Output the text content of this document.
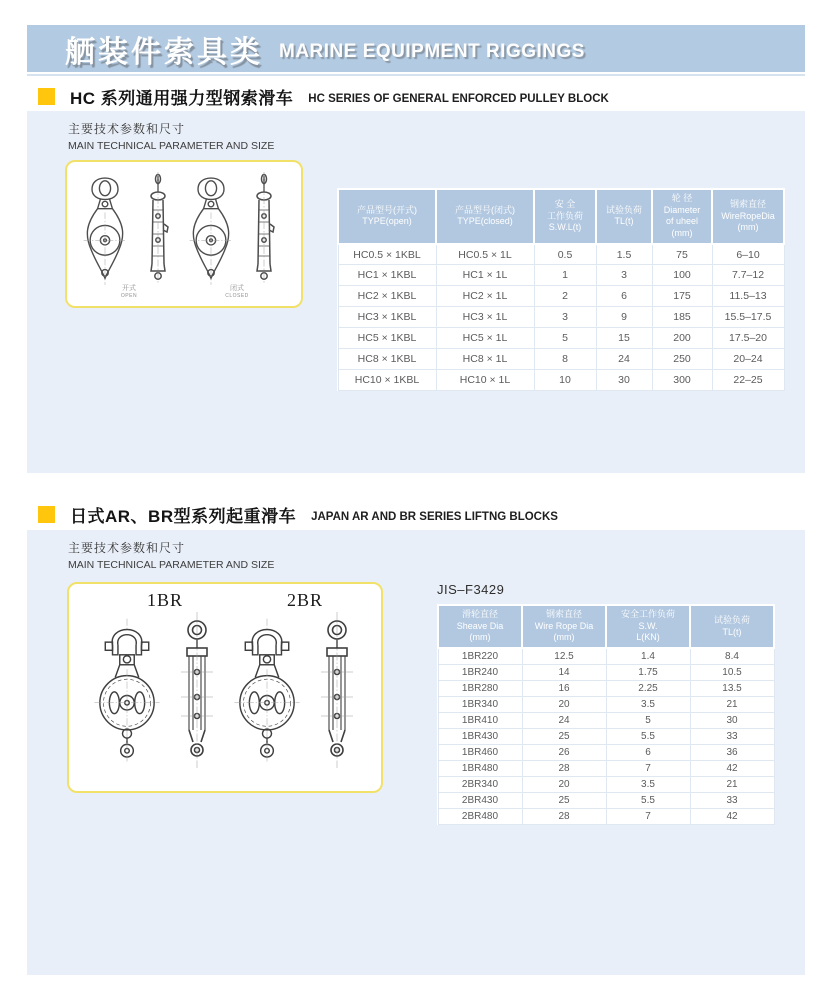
舾装件索具类 MARINE EQUIPMENT RIGGINGS
HC 系列通用强力型钢索滑车 HC SERIES OF GENERAL ENFORCED PULLEY BLOCK
主要技术参数和尺寸
MAIN TECHNICAL PARAMETER AND SIZE
开式
OPEN
闭式
CLOSED
产品型号(开式)
TYPE(open)

产品型号(闭式)
TYPE(closed)

安 全
工作负荷
S.W.L(t)

试验负荷
TL(t)

轮 径
Diameter
of uheel
(mm)

钢索直径
WireRopeDia
(mm)

HC0.5 × 1KBL	HC0.5 × 1L	0.5	1.5	75	6–10
HC1 × 1KBL	HC1 × 1L	1	3	100	7.7–12
HC2 × 1KBL	HC2 × 1L	2	6	175	11.5–13
HC3 × 1KBL	HC3 × 1L	3	9	185	15.5–17.5
HC5 × 1KBL	HC5 × 1L	5	15	200	17.5–20
HC8 × 1KBL	HC8 × 1L	8	24	250	20–24
HC10 × 1KBL	HC10 × 1L	10	30	300	22–25
日式AR、BR型系列起重滑车 JAPAN AR AND BR SERIES LIFTNG BLOCKS
主要技术参数和尺寸
MAIN TECHNICAL PARAMETER AND SIZE
1BR	2BR
JIS–F3429
滑轮直径
Sheave Dia
(mm)

钢索直径
Wire Rope Dia
(mm)

安全工作负荷
S.W.
L(KN)

试验负荷
TL(t)

1BR220	12.5	1.4	8.4
1BR240	14	1.75	10.5
1BR280	16	2.25	13.5
1BR340	20	3.5	21
1BR410	24	5	30
1BR430	25	5.5	33
1BR460	26	6	36
1BR480	28	7	42
2BR340	20	3.5	21
2BR430	25	5.5	33
2BR480	28	7	42
